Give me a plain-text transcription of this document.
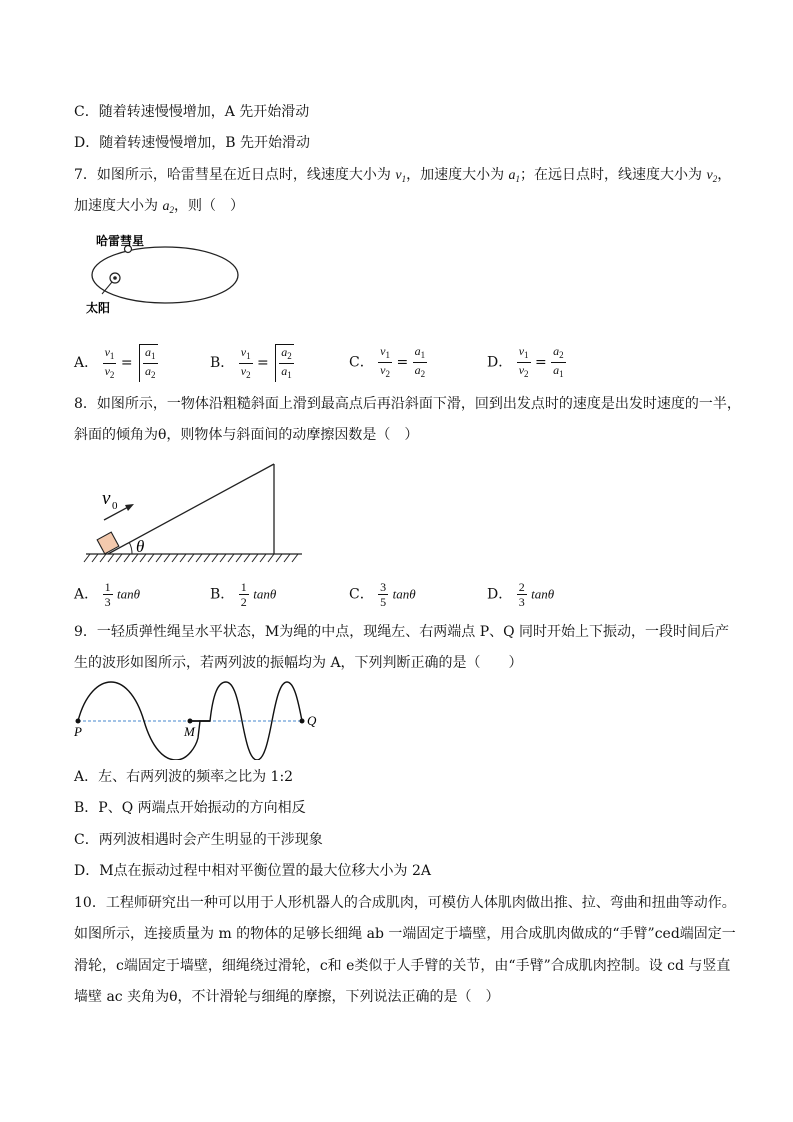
C．随着转速慢慢增加，A 先开始滑动
D．随着转速慢慢增加，B 先开始滑动
7．如图所示，哈雷彗星在近日点时，线速度大小为 $v_1$，加速度大小为 $a_1$；在远日点时，线速度大小为 $v_2$，
加速度大小为 $a_2$，则（　）
哈雷彗星
太阳
A． $\frac{v_1}{v_2} = \frac{a_1}{a_2}$	B． $\frac{v_1}{v_2} = \frac{a_2}{a_1}$	C． $\frac{v_1}{v_2} = \frac{a_1}{a_2}$	D． $\frac{v_1}{v_2} = \frac{a_2}{a_1}$
8．如图所示，一物体沿粗糙斜面上滑到最高点后再沿斜面下滑，回到出发点时的速度是出发时速度的一半，
斜面的倾角为θ，则物体与斜面间的动摩擦因数是（　）
θ
v 0
A． $\frac{1}{3}$ tanθ	B． $\frac{1}{2}$ tanθ	C． $\frac{3}{5}$ tanθ	D． $\frac{2}{3}$ tanθ
9．一轻质弹性绳呈水平状态，M为绳的中点，现绳左、右两端点 P、Q 同时开始上下振动，一段时间后产
生的波形如图所示，若两列波的振幅均为 A，下列判断正确的是（　　）
P	M
Q
A．左、右两列波的频率之比为 1:2
B．P、Q 两端点开始振动的方向相反
C．两列波相遇时会产生明显的干涉现象
D．M点在振动过程中相对平衡位置的最大位移大小为 2A
10．工程师研究出一种可以用于人形机器人的合成肌肉，可模仿人体肌肉做出推、拉、弯曲和扭曲等动作。
如图所示，连接质量为 m 的物体的足够长细绳 ab 一端固定于墙壁，用合成肌肉做成的“手臂”ced端固定一
滑轮，c端固定于墙壁，细绳绕过滑轮，c和 e类似于人手臂的关节，由“手臂”合成肌肉控制。设 cd 与竖直
墙壁 ac 夹角为θ，不计滑轮与细绳的摩擦，下列说法正确的是（　）
